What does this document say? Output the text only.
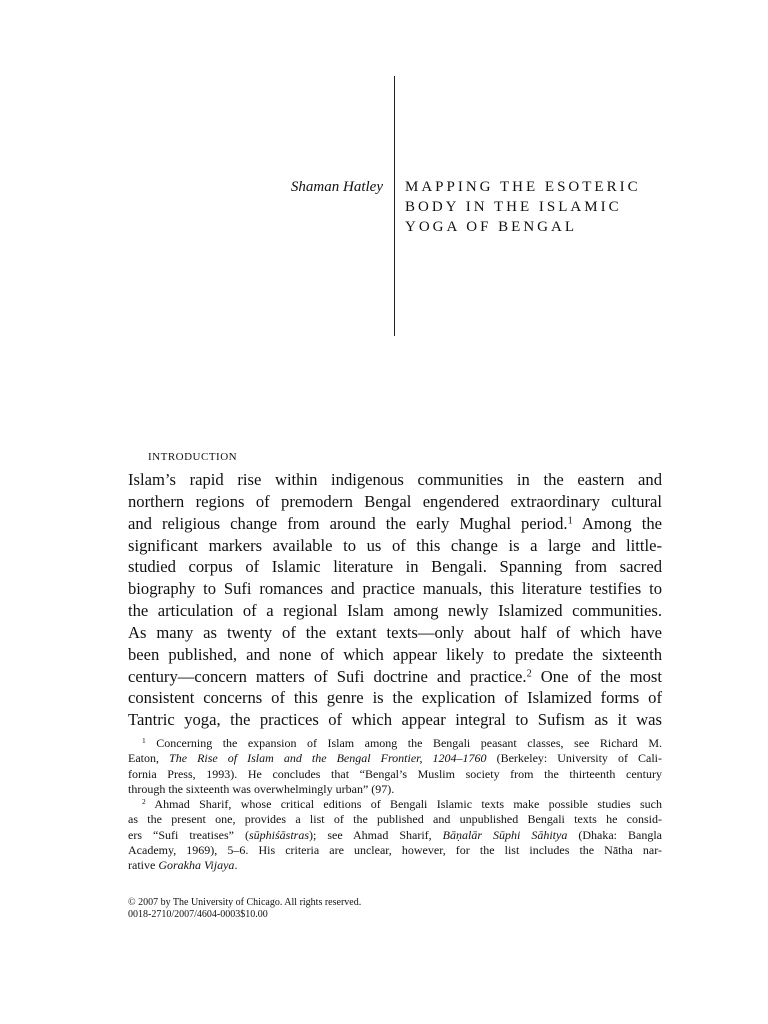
Shaman Hatley MAPPING THE ESOTERIC
BODY IN THE ISLAMIC
YOGA OF BENGAL
INTRODUCTION
Islam’s rapid rise within indigenous communities in the eastern and
northern regions of premodern Bengal engendered extraordinary cultural
and religious change from around the early Mughal period.$^1$ Among the
significant markers available to us of this change is a large and little-
studied corpus of Islamic literature in Bengali. Spanning from sacred
biography to Sufi romances and practice manuals, this literature testifies to
the articulation of a regional Islam among newly Islamized communities.
As many as twenty of the extant texts—only about half of which have
been published, and none of which appear likely to predate the sixteenth
century—concern matters of Sufi doctrine and practice.$^2$ One of the most
consistent concerns of this genre is the explication of Islamized forms of
Tantric yoga, the practices of which appear integral to Sufism as it was
$^1$ Concerning the expansion of Islam among the Bengali peasant classes, see Richard M.
Eaton, The Rise of Islam and the Bengal Frontier, 1204–1760 (Berkeley: University of Cali-
fornia Press, 1993). He concludes that “Bengal’s Muslim society from the thirteenth century
through the sixteenth was overwhelmingly urban” (97).
$^2$ Ahmad Sharif, whose critical editions of Bengali Islamic texts make possible studies such
as the present one, provides a list of the published and unpublished Bengali texts he consid-
ers “Sufi treatises” (sūphiśāstras); see Ahmad Sharif, Bāṇalār Sūphi Sāhitya (Dhaka: Bangla
Academy, 1969), 5–6. His criteria are unclear, however, for the list includes the Nātha nar-
rative Gorakha Vijaya.
© 2007 by The University of Chicago. All rights reserved.
0018-2710/2007/4604-0003$10.00
